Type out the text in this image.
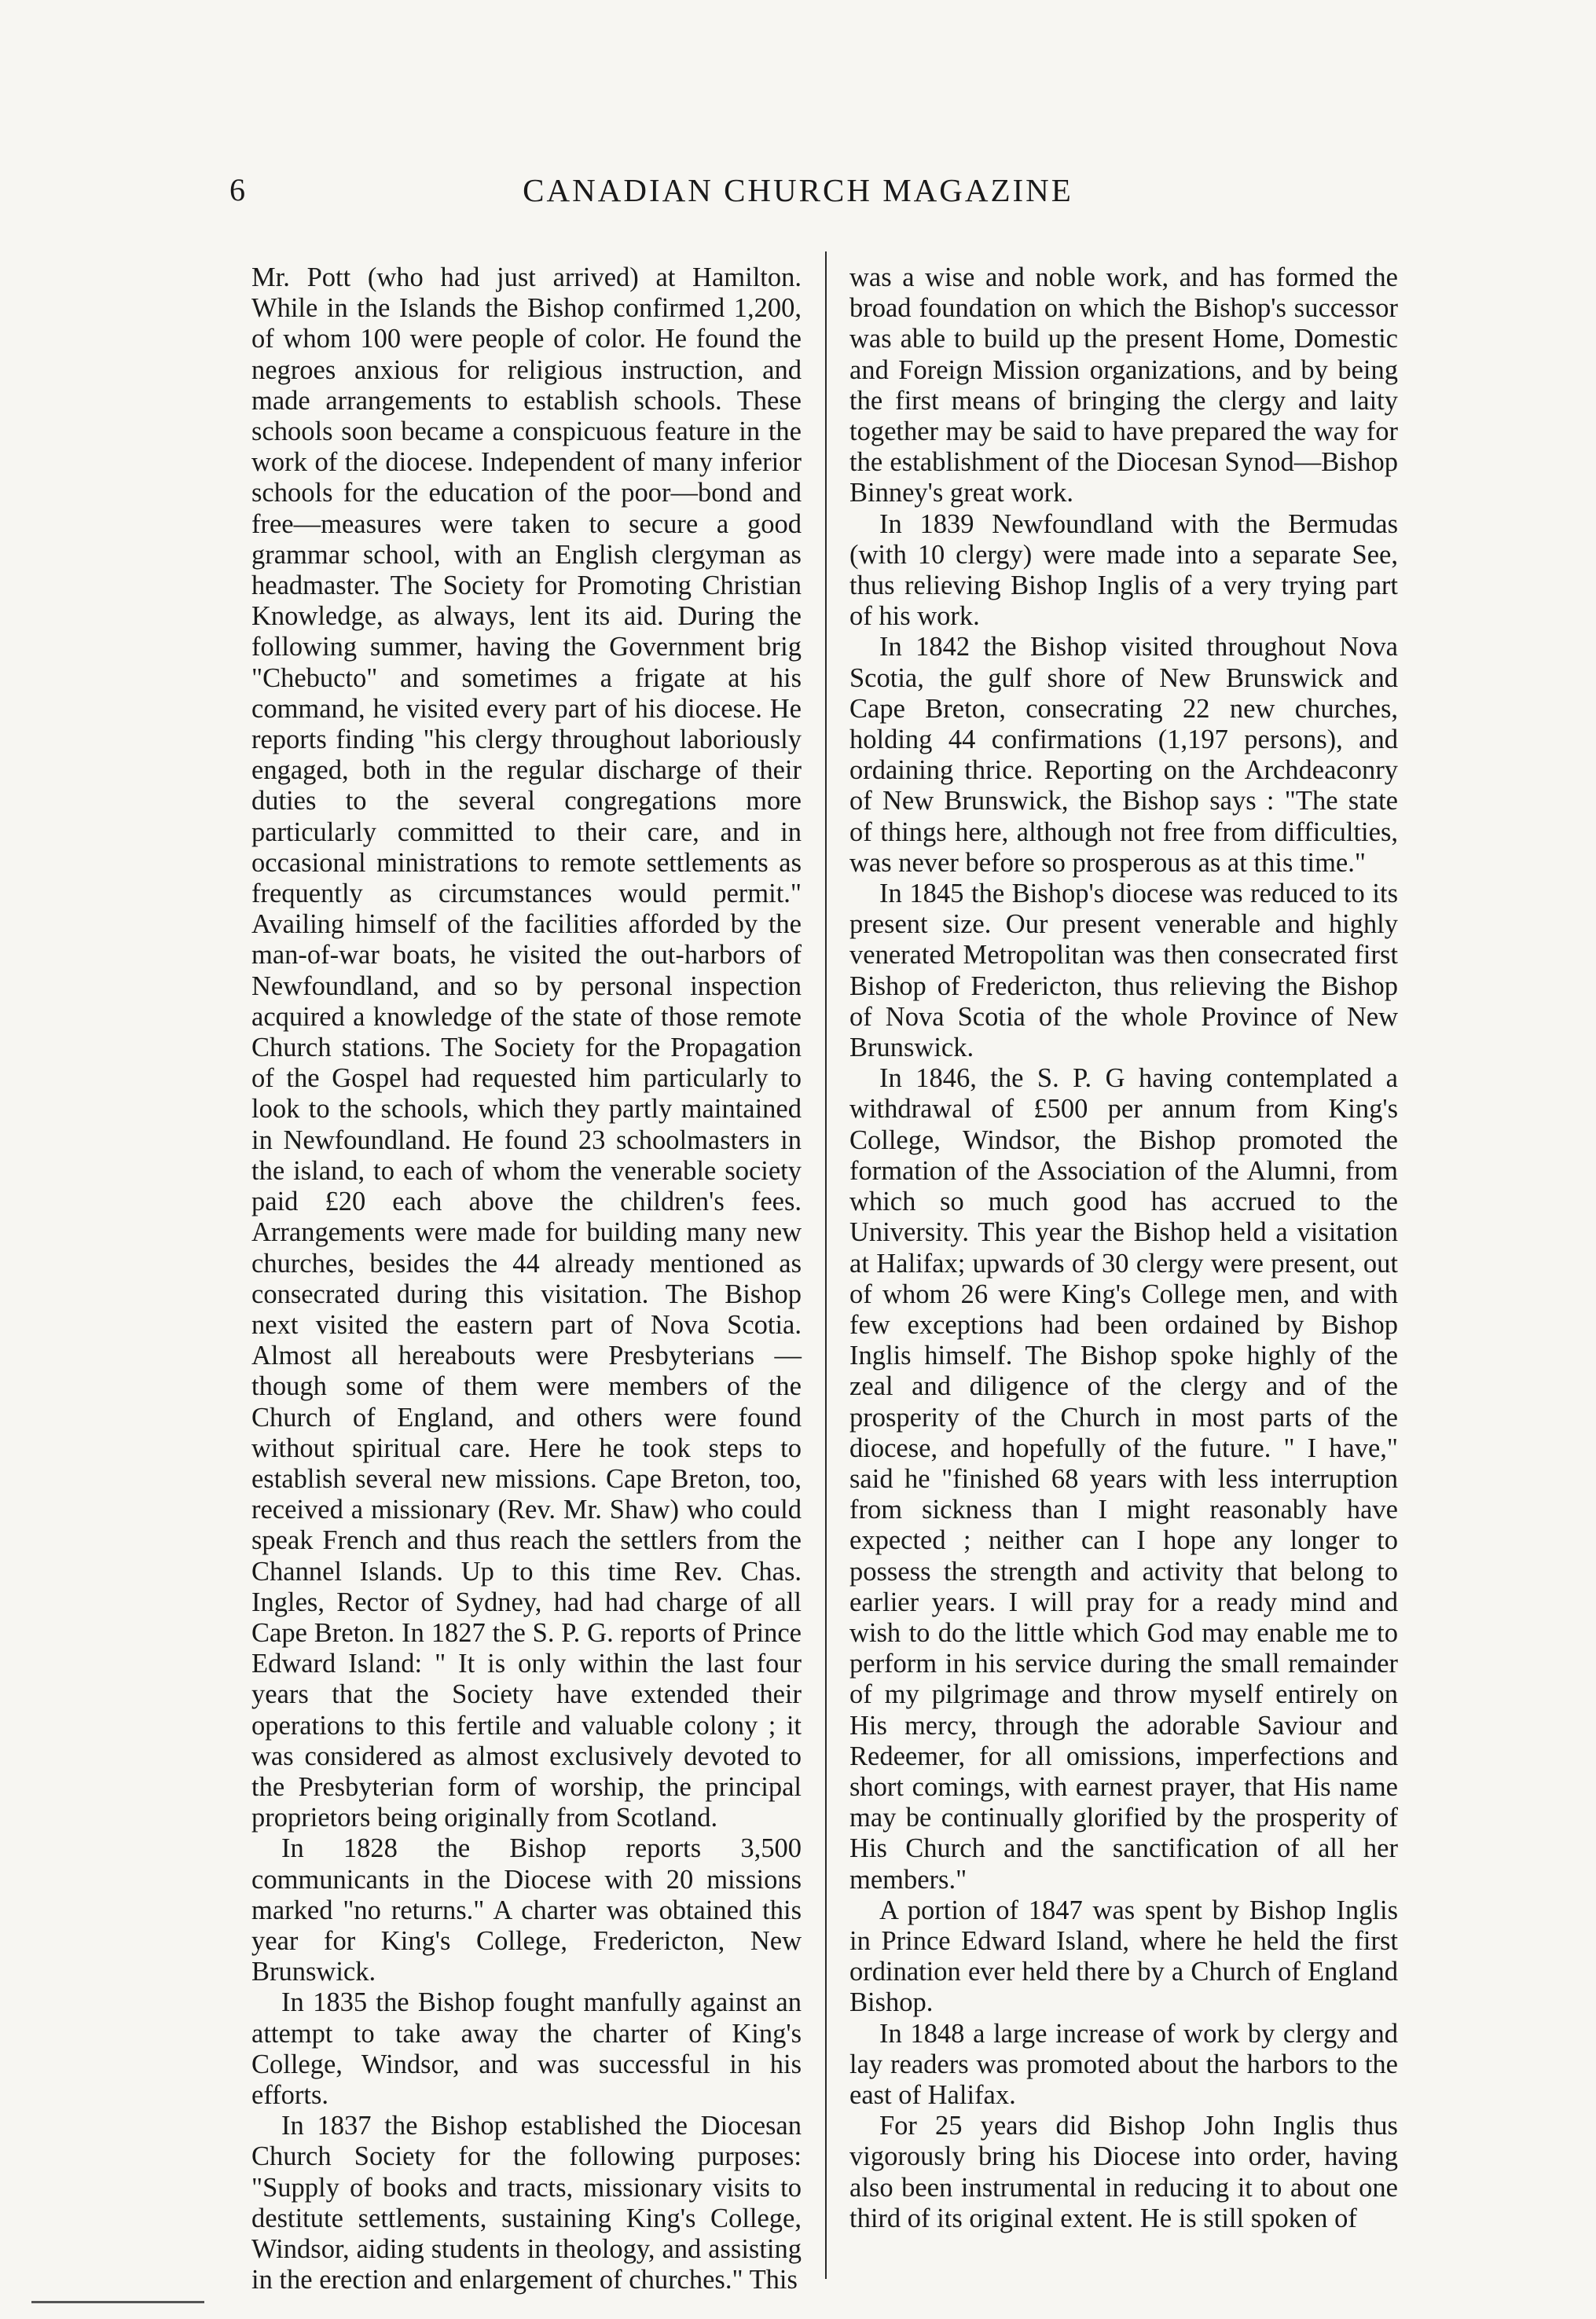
6	CANADIAN CHURCH MAGAZINE

Mr. Pott (who had just arrived) at Hamilton. While in the Islands the Bishop confirmed 1,200, of whom 100 were people of color. He found the negroes anxious for religious instruction, and made arrangements to establish schools. These schools soon became a conspicuous feature in the work of the diocese. Independent of many inferior schools for the education of the poor—bond and free—measures were taken to secure a good grammar school, with an English clergyman as headmaster. The Society for Promoting Christian Knowledge, as always, lent its aid. During the following summer, having the Government brig "Chebucto" and sometimes a frigate at his command, he visited every part of his diocese. He reports finding "his clergy throughout laboriously engaged, both in the regular discharge of their duties to the several congregations more particularly committed to their care, and in occasional ministrations to remote settlements as frequently as circumstances would permit." Availing himself of the facilities afforded by the man-of-war boats, he visited the out-harbors of Newfoundland, and so by personal inspection acquired a knowledge of the state of those remote Church stations. The Society for the Propagation of the Gospel had requested him particularly to look to the schools, which they partly maintained in Newfoundland. He found 23 schoolmasters in the island, to each of whom the venerable society paid £20 each above the children's fees. Arrangements were made for building many new churches, besides the 44 already mentioned as consecrated during this visitation. The Bishop next visited the eastern part of Nova Scotia. Almost all hereabouts were Presbyterians —though some of them were members of the Church of England, and others were found without spiritual care. Here he took steps to establish several new missions. Cape Breton, too, received a missionary (Rev. Mr. Shaw) who could speak French and thus reach the settlers from the Channel Islands. Up to this time Rev. Chas. Ingles, Rector of Sydney, had had charge of all Cape Breton. In 1827 the S. P. G. reports of Prince Edward Island: " It is only within the last four years that the Society have extended their operations to this fertile and valuable colony ; it was considered as almost exclusively devoted to the Presbyterian form of worship, the principal proprietors being originally from Scotland.

In 1828 the Bishop reports 3,500 communicants in the Diocese with 20 missions marked "no returns." A charter was obtained this year for King's College, Fredericton, New Brunswick.

In 1835 the Bishop fought manfully against an attempt to take away the charter of King's College, Windsor, and was successful in his efforts.

In 1837 the Bishop established the Diocesan Church Society for the following purposes: "Supply of books and tracts, missionary visits to destitute settlements, sustaining King's College, Windsor, aiding students in theology, and assisting in the erection and enlargement of churches." This

was a wise and noble work, and has formed the broad foundation on which the Bishop's successor was able to build up the present Home, Domestic and Foreign Mission organizations, and by being the first means of bringing the clergy and laity together may be said to have prepared the way for the establishment of the Diocesan Synod—Bishop Binney's great work.

In 1839 Newfoundland with the Bermudas (with 10 clergy) were made into a separate See, thus relieving Bishop Inglis of a very trying part of his work.

In 1842 the Bishop visited throughout Nova Scotia, the gulf shore of New Brunswick and Cape Breton, consecrating 22 new churches, holding 44 confirmations (1,197 persons), and ordaining thrice. Reporting on the Archdeaconry of New Brunswick, the Bishop says : "The state of things here, although not free from difficulties, was never before so prosperous as at this time."

In 1845 the Bishop's diocese was reduced to its present size. Our present venerable and highly venerated Metropolitan was then consecrated first Bishop of Fredericton, thus relieving the Bishop of Nova Scotia of the whole Province of New Brunswick.

In 1846, the S. P. G having contemplated a withdrawal of £500 per annum from King's College, Windsor, the Bishop promoted the formation of the Association of the Alumni, from which so much good has accrued to the University. This year the Bishop held a visitation at Halifax; upwards of 30 clergy were present, out of whom 26 were King's College men, and with few exceptions had been ordained by Bishop Inglis himself. The Bishop spoke highly of the zeal and diligence of the clergy and of the prosperity of the Church in most parts of the diocese, and hopefully of the future. " I have," said he "finished 68 years with less interruption from sickness than I might reasonably have expected ; neither can I hope any longer to possess the strength and activity that belong to earlier years. I will pray for a ready mind and wish to do the little which God may enable me to perform in his service during the small remainder of my pilgrimage and throw myself entirely on His mercy, through the adorable Saviour and Redeemer, for all omissions, imperfections and short comings, with earnest prayer, that His name may be continually glorified by the prosperity of His Church and the sanctification of all her members."

A portion of 1847 was spent by Bishop Inglis in Prince Edward Island, where he held the first ordination ever held there by a Church of England Bishop.

In 1848 a large increase of work by clergy and lay readers was promoted about the harbors to the east of Halifax.

For 25 years did Bishop John Inglis thus vigorously bring his Diocese into order, having also been instrumental in reducing it to about one third of its original extent. He is still spoken of
